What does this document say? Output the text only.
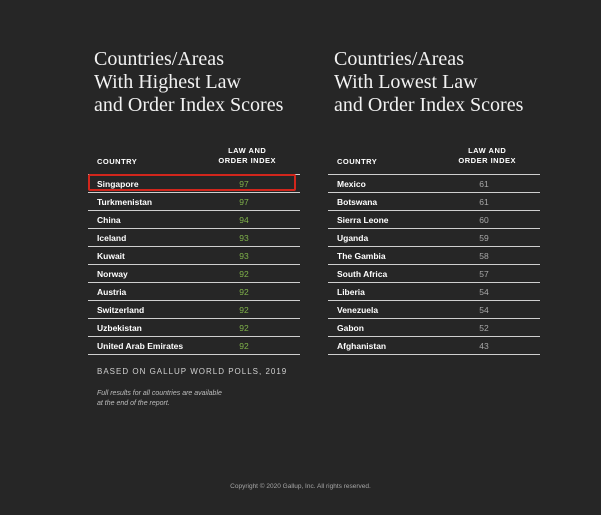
Countries/Areas
With Highest Law
and Order Index Scores
COUNTRY
LAW AND
ORDER INDEX
Singapore	97
Turkmenistan	97
China	94
Iceland	93
Kuwait	93
Norway	92
Austria	92
Switzerland	92
Uzbekistan	92
United Arab Emirates	92
Countries/Areas
With Lowest Law
and Order Index Scores
COUNTRY
LAW AND
ORDER INDEX
Mexico	61
Botswana	61
Sierra Leone	60
Uganda	59
The Gambia	58
South Africa	57
Liberia	54
Venezuela	54
Gabon	52
Afghanistan	43
BASED ON GALLUP WORLD POLLS, 2019
Full results for all countries are available
at the end of the report.
Copyright © 2020 Gallup, Inc. All rights reserved.
